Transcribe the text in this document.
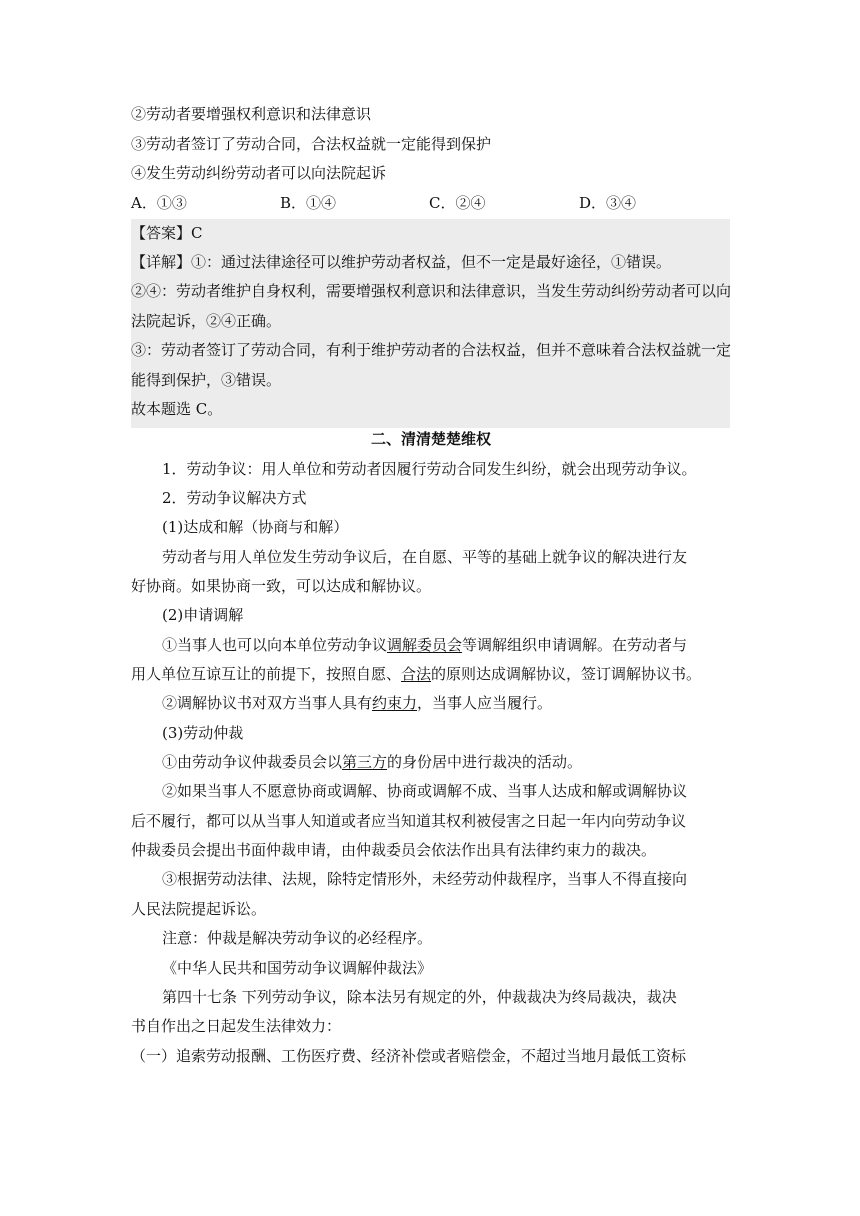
②劳动者要增强权利意识和法律意识
③劳动者签订了劳动合同，合法权益就一定能得到保护
④发生劳动纠纷劳动者可以向法院起诉
A．①③	B．①④	C．②④	D．③④
【答案】C
【详解】①：通过法律途径可以维护劳动者权益，但不一定是最好途径，①错误。
②④：劳动者维护自身权利，需要增强权利意识和法律意识，当发生劳动纠纷劳动者可以向
法院起诉，②④正确。
③：劳动者签订了劳动合同，有利于维护劳动者的合法权益，但并不意味着合法权益就一定
能得到保护，③错误。
故本题选 C。
二、清清楚楚维权
1．劳动争议：用人单位和劳动者因履行劳动合同发生纠纷，就会出现劳动争议。
2．劳动争议解决方式
(1)达成和解（协商与和解）
劳动者与用人单位发生劳动争议后，在自愿、平等的基础上就争议的解决进行友
好协商。如果协商一致，可以达成和解协议。
(2)申请调解
①当事人也可以向本单位劳动争议调解委员会等调解组织申请调解。在劳动者与
用人单位互谅互让的前提下，按照自愿、合法的原则达成调解协议，签订调解协议书。
②调解协议书对双方当事人具有约束力，当事人应当履行。
(3)劳动仲裁
①由劳动争议仲裁委员会以第三方的身份居中进行裁决的活动。
②如果当事人不愿意协商或调解、协商或调解不成、当事人达成和解或调解协议
后不履行，都可以从当事人知道或者应当知道其权利被侵害之日起一年内向劳动争议
仲裁委员会提出书面仲裁申请，由仲裁委员会依法作出具有法律约束力的裁决。
③根据劳动法律、法规，除特定情形外，未经劳动仲裁程序，当事人不得直接向
人民法院提起诉讼。
注意：仲裁是解决劳动争议的必经程序。
《中华人民共和国劳动争议调解仲裁法》
第四十七条 下列劳动争议，除本法另有规定的外，仲裁裁决为终局裁决，裁决
书自作出之日起发生法律效力：
（一）追索劳动报酬、工伤医疗费、经济补偿或者赔偿金，不超过当地月最低工资标
